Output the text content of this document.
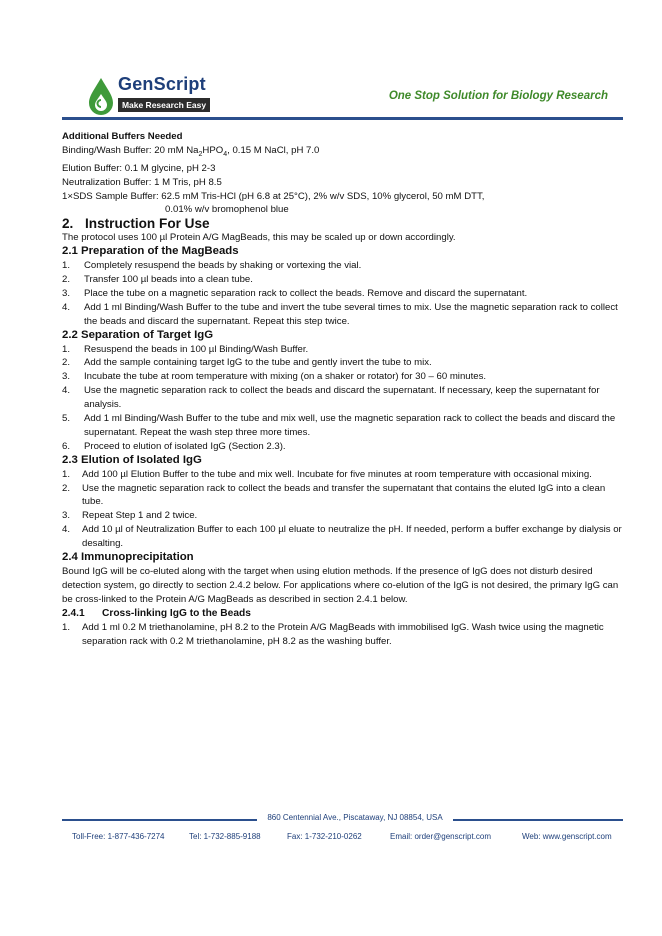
GenScript
Make Research Easy
One Stop Solution for Biology Research

Additional Buffers Needed

Binding/Wash Buffer: 20 mM $Na_2HPO_4$, 0.15 M NaCl, pH 7.0

Elution Buffer: 0.1 M glycine, pH 2-3

Neutralization Buffer: 1 M Tris, pH 8.5

1×SDS Sample Buffer: 62.5 mM Tris-HCl (pH 6.8 at 25°C), 2% w/v SDS, 10% glycerol, 50 mM DTT,

0.01% w/v bromophenol blue

2. Instruction For Use

The protocol uses 100 µl Protein A/G MagBeads, this may be scaled up or down accordingly.

2.1 Preparation of the MagBeads

1. Completely resuspend the beads by shaking or vortexing the vial.
2. Transfer 100 µl beads into a clean tube.
3. Place the tube on a magnetic separation rack to collect the beads. Remove and discard the supernatant.
4. Add 1 ml Binding/Wash Buffer to the tube and invert the tube several times to mix. Use the magnetic separation rack to collect the beads and discard the supernatant. Repeat this step twice.

2.2 Separation of Target IgG

1. Resuspend the beads in 100 µl Binding/Wash Buffer.
2. Add the sample containing target IgG to the tube and gently invert the tube to mix.
3. Incubate the tube at room temperature with mixing (on a shaker or rotator) for 30 – 60 minutes.
4. Use the magnetic separation rack to collect the beads and discard the supernatant. If necessary, keep the supernatant for analysis.
5. Add 1 ml Binding/Wash Buffer to the tube and mix well, use the magnetic separation rack to collect the beads and discard the supernatant. Repeat the wash step three more times.
6. Proceed to elution of isolated IgG (Section 2.3).

2.3 Elution of Isolated IgG

1. Add 100 µl Elution Buffer to the tube and mix well. Incubate for five minutes at room temperature with occasional mixing.
2. Use the magnetic separation rack to collect the beads and transfer the supernatant that contains the eluted IgG into a clean tube.
3. Repeat Step 1 and 2 twice.
4. Add 10 µl of Neutralization Buffer to each 100 µl eluate to neutralize the pH. If needed, perform a buffer exchange by dialysis or desalting.

2.4 Immunoprecipitation

Bound IgG will be co-eluted along with the target when using elution methods. If the presence of IgG does not disturb desired detection system, go directly to section 2.4.2 below. For applications where co-elution of the IgG is not desired, the primary IgG can be cross-linked to the Protein A/G MagBeads as described in section 2.4.1 below.

2.4.1 Cross-linking IgG to the Beads

1. Add 1 ml 0.2 M triethanolamine, pH 8.2 to the Protein A/G MagBeads with immobilised IgG. Wash twice using the magnetic separation rack with 0.2 M triethanolamine, pH 8.2 as the washing buffer.
860 Centennial Ave., Piscataway, NJ 08854, USA
Toll-Free: 1-877-436-7274	Tel: 1-732-885-9188	Fax: 1-732-210-0262	Email: order@genscript.com	Web: www.genscript.com
